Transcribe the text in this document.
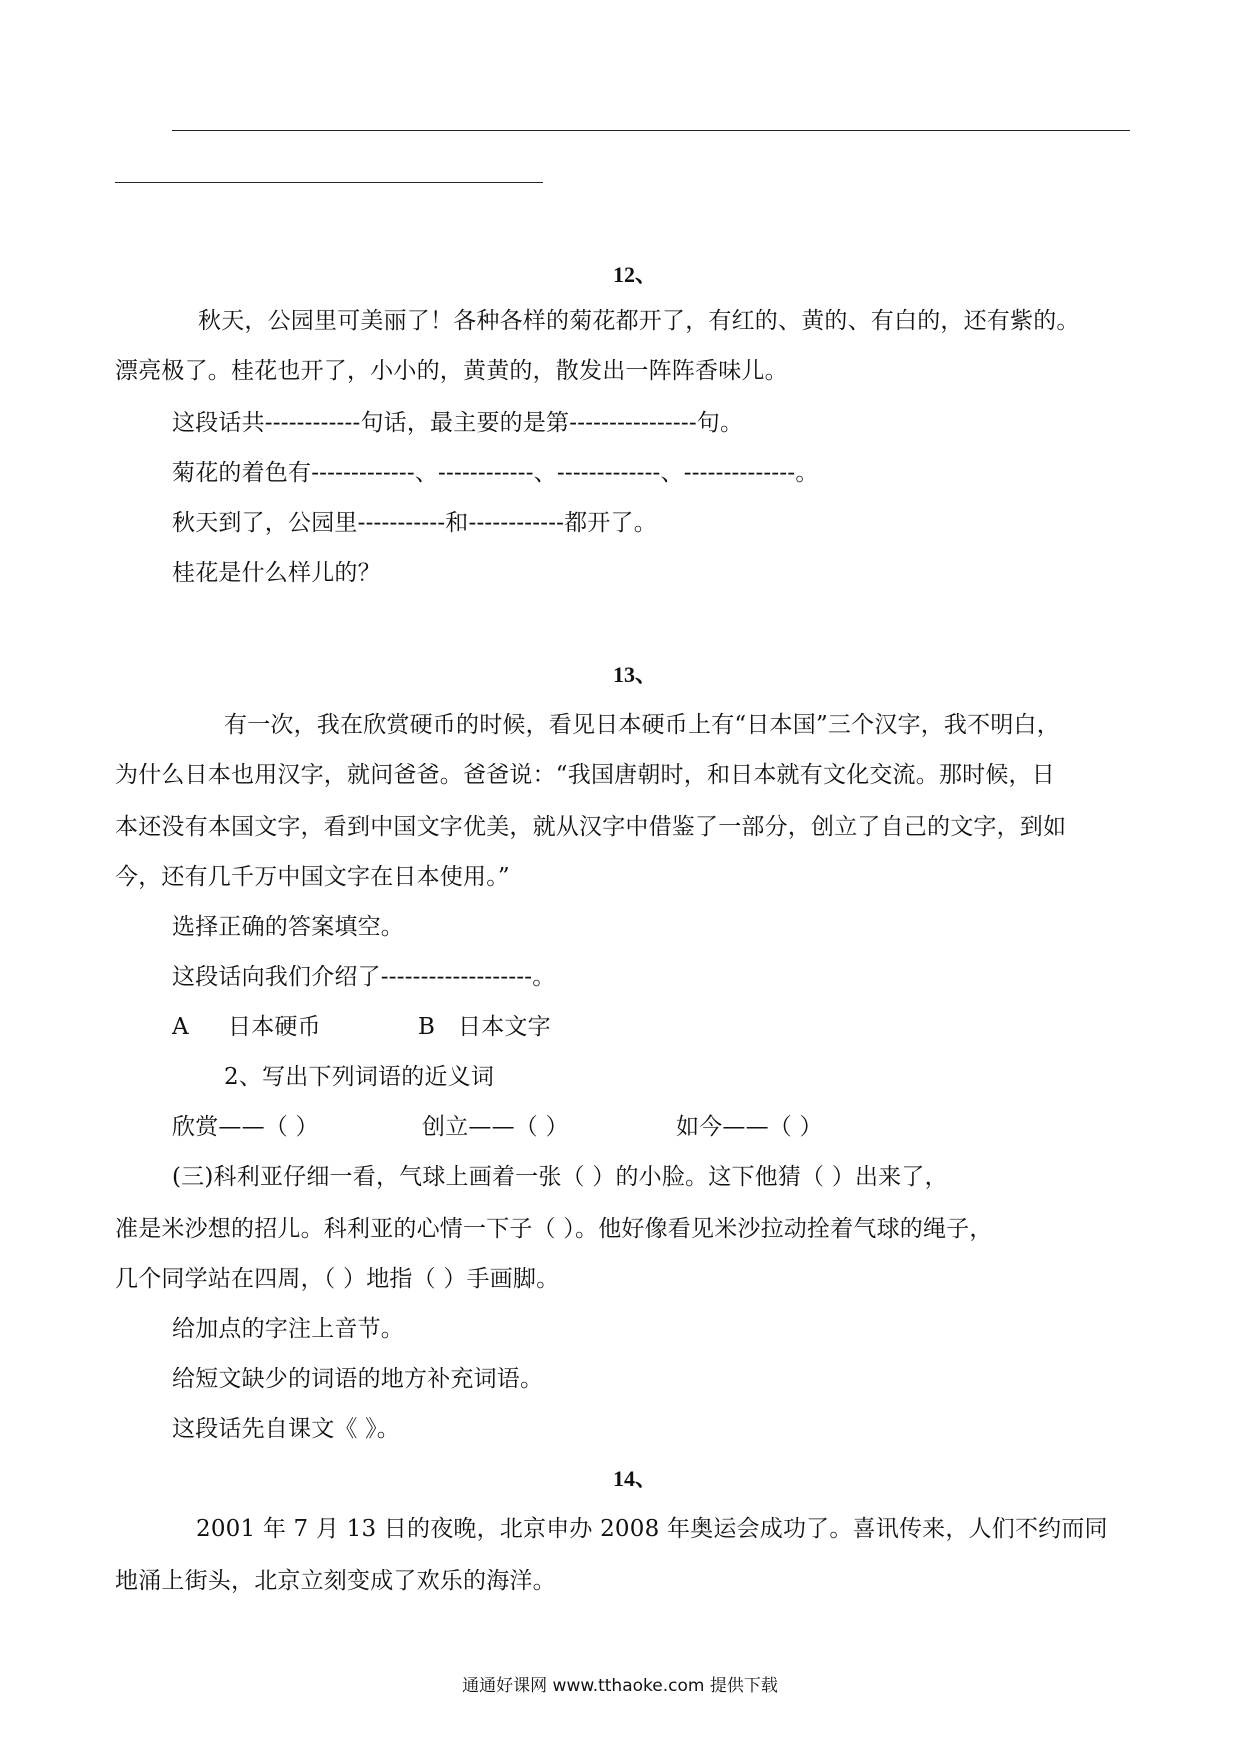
12、
秋天，公园里可美丽了！各种各样的菊花都开了，有红的、黄的、有白的，还有紫的。
漂亮极了。桂花也开了，小小的，黄黄的，散发出一阵阵香味儿。
这段话共------------句话，最主要的是第----------------句。
菊花的着色有-------------、------------、-------------、--------------。
秋天到了，公园里-----------和------------都开了。
桂花是什么样儿的？
13、
有一次，我在欣赏硬币的时候，看见日本硬币上有“日本国”三个汉字，我不明白，
为什么日本也用汉字，就问爸爸。爸爸说：“我国唐朝时，和日本就有文化交流。那时候，日
本还没有本国文字，看到中国文字优美，就从汉字中借鉴了一部分，创立了自己的文字，到如
今，还有几千万中国文字在日本使用。”
选择正确的答案填空。
这段话向我们介绍了-------------------。
A 日本硬币	B 日本文字
2、写出下列词语的近义词
欣赏——（ ）	创立——（ ）	如今——（ ）
(三)科利亚仔细一看，气球上画着一张（ ）的小脸。这下他猜（ ）出来了，
准是米沙想的招儿。科利亚的心情一下子（ ）。他好像看见米沙拉动拴着气球的绳子，
几个同学站在四周，（ ）地指（ ）手画脚。
给加点的字注上音节。
给短文缺少的词语的地方补充词语。
这段话先自课文《 》。
14、
2001 年 7 月 13 日的夜晚，北京申办 2008 年奥运会成功了。喜讯传来，人们不约而同
地涌上街头，北京立刻变成了欢乐的海洋。
通通好课网 www.tthaoke.com 提供下载
